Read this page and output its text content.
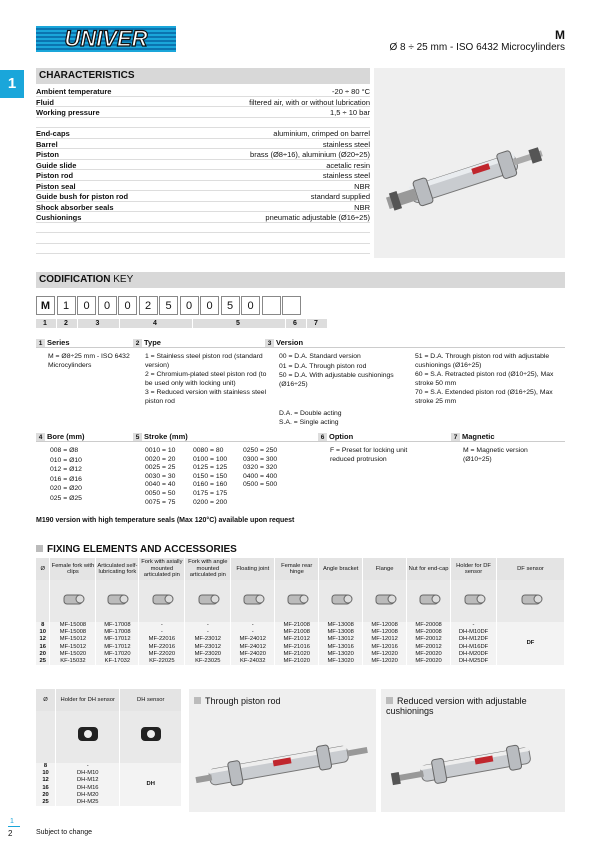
UNIVER	M
Ø 8 ÷ 25 mm - ISO 6432 Microcylinders
1	CHARACTERISTICS
Ambient temperature	-20 ÷ 80 °C
Fluid	filtered air, with or without lubrication
Working pressure	1,5 ÷ 10 bar
End-caps	aluminium, crimped on barrel
Barrel	stainless steel
Piston	brass (Ø8÷16), aluminium (Ø20÷25)
Guide slide	acetalic resin
Piston rod	stainless steel
Piston seal	NBR
Guide bush for piston rod	standard supplied
Shock absorber seals	NBR
Cushionings	pneumatic adjustable (Ø16÷25)
CODIFICATION KEY
M	1	0	0	0	2	5	0	0	5	0
1	2	3	4	5	6	7
1 Series	2 Type	3 Version
M = Ø8÷25 mm - ISO 6432 Microcylinders
1 = Stainless steel piston rod (standard version)
2 = Chromium-plated steel piston rod (to be used only with locking unit)
3 = Reduced version with stainless steel piston rod
00 = D.A. Standard version
01 = D.A. Through piston rod
50 = D.A. With adjustable cushionings (Ø16÷25)
51 = D.A. Through piston rod with adjustable cushionings (Ø16÷25)
60 = S.A. Retracted piston rod (Ø10÷25), Max stroke 50 mm
70 = S.A. Extended piston rod (Ø16÷25), Max stroke 25 mm
D.A. = Double acting
S.A. = Single acting
4 Bore (mm)	5 Stroke (mm)	6 Option	7 Magnetic
008 = Ø8
010 = Ø10
012 = Ø12
016 = Ø16
020 = Ø20
025 = Ø25
0010 = 10
0020 = 20
0025 = 25
0030 = 30
0040 = 40
0050 = 50
0075 = 75
0080 = 80
0100 = 100
0125 = 125
0150 = 150
0160 = 160
0175 = 175
0200 = 200
0250 = 250
0300 = 300
0320 = 320
0400 = 400
0500 = 500
F = Preset for locking unit reduced protrusion
M = Magnetic version (Ø10÷25)
M190 version with high temperature seals (Max 120°C) available upon request
FIXING ELEMENTS AND ACCESSORIES
Ø	Female fork with clips	Articulated self-lubricating fork	Fork with axially mounted articulated pin	Fork with angle mounted articulated pin	Floating joint	Female rear hinge	Angle bracket	Flange	Nut for end-cap	Holder for DF sensor	DF sensor

8	MF-15008	MF-17008	-	-	-	MF-21008	MF-13008	MF-12008	MF-20008	-	DF
10	MF-15008	MF-17008	-	-	-	MF-21008	MF-13008	MF-12008	MF-20008	DH-M10DF	
12	MF-15012	MF-17012	MF-22016	MF-23012	MF-24012	MF-21012	MF-13012	MF-12012	MF-20012	DH-M12DF	
16	MF-15012	MF-17012	MF-22016	MF-23012	MF-24012	MF-21016	MF-13016	MF-12016	MF-20012	DH-M16DF	
20	MF-15020	MF-17020	MF-22020	MF-23020	MF-24020	MF-21020	MF-13020	MF-12020	MF-20020	DH-M20DF	
25	KF-15032	KF-17032	KF-22025	KF-23025	KF-24032	MF-21020	MF-13020	MF-12020	MF-20020	DH-M25DF	
Ø	Holder for DH sensor	DH sensor

8	-	DH
10	DH-M10	
12	DH-M12	
16	DH-M16	
20	DH-M20	
25	DH-M25	
Through piston rod	Reduced version with adjustable cushionings
1
2	Subject to change
